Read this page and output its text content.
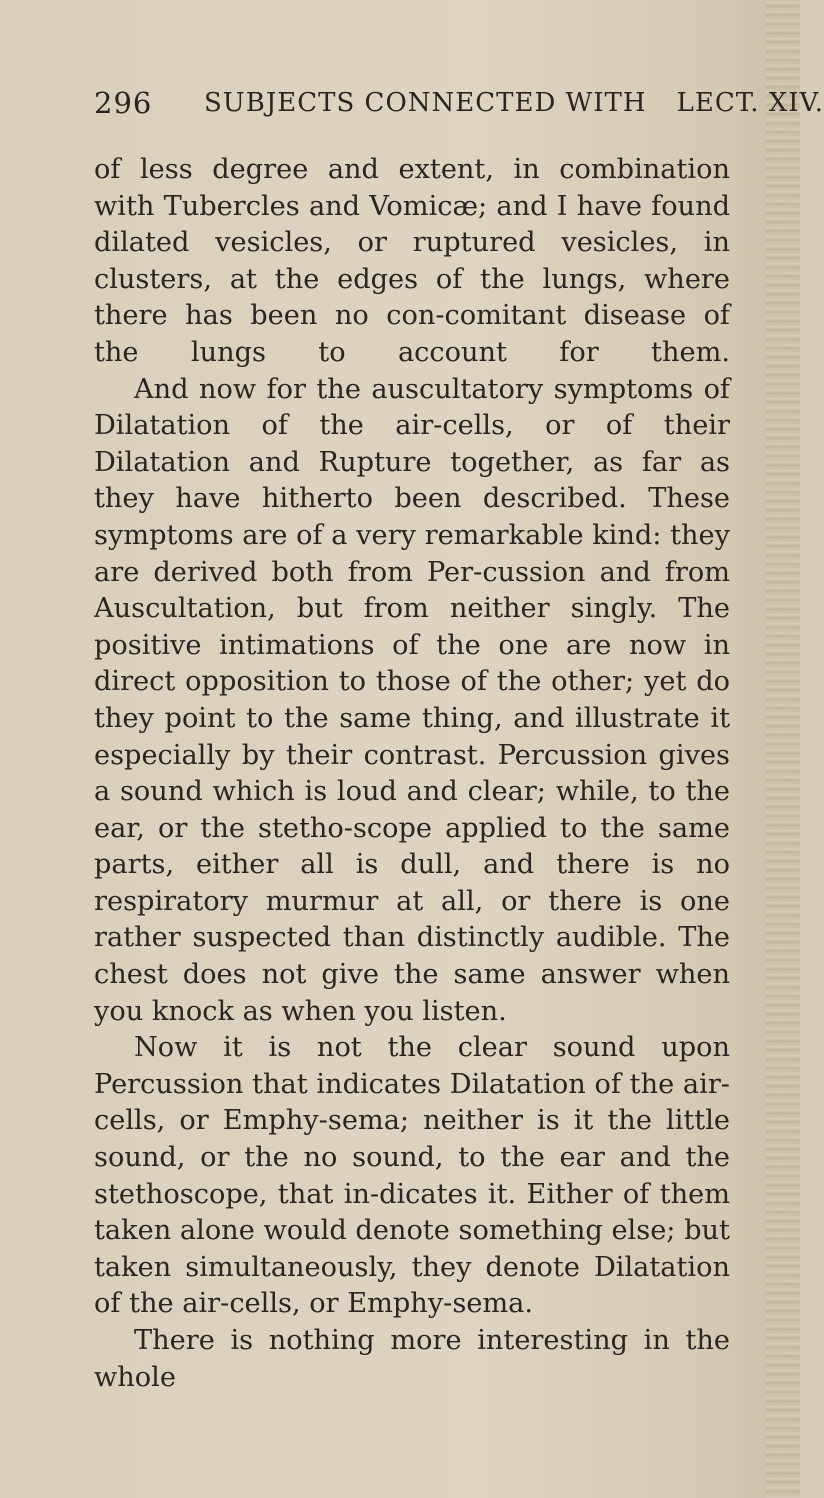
296 SUBJECTS CONNECTED WITH LECT. XIV.

of less degree and extent, in combination with Tubercles and Vomicæ; and I have found dilated vesicles, or ruptured vesicles, in clusters, at the edges of the lungs, where there has been no con-comitant disease of the lungs to account for them.

And now for the auscultatory symptoms of Dilatation of the air-cells, or of their Dilatation and Rupture together, as far as they have hitherto been described. These symptoms are of a very remarkable kind: they are derived both from Per-cussion and from Auscultation, but from neither singly. The positive intimations of the one are now in direct opposition to those of the other; yet do they point to the same thing, and illustrate it especially by their contrast. Percussion gives a sound which is loud and clear; while, to the ear, or the stetho-scope applied to the same parts, either all is dull, and there is no respiratory murmur at all, or there is one rather suspected than distinctly audible. The chest does not give the same answer when you knock as when you listen.

Now it is not the clear sound upon Percussion that indicates Dilatation of the air-cells, or Emphy-sema; neither is it the little sound, or the no sound, to the ear and the stethoscope, that in-dicates it. Either of them taken alone would denote something else; but taken simultaneously, they denote Dilatation of the air-cells, or Emphy-sema.

There is nothing more interesting in the whole
